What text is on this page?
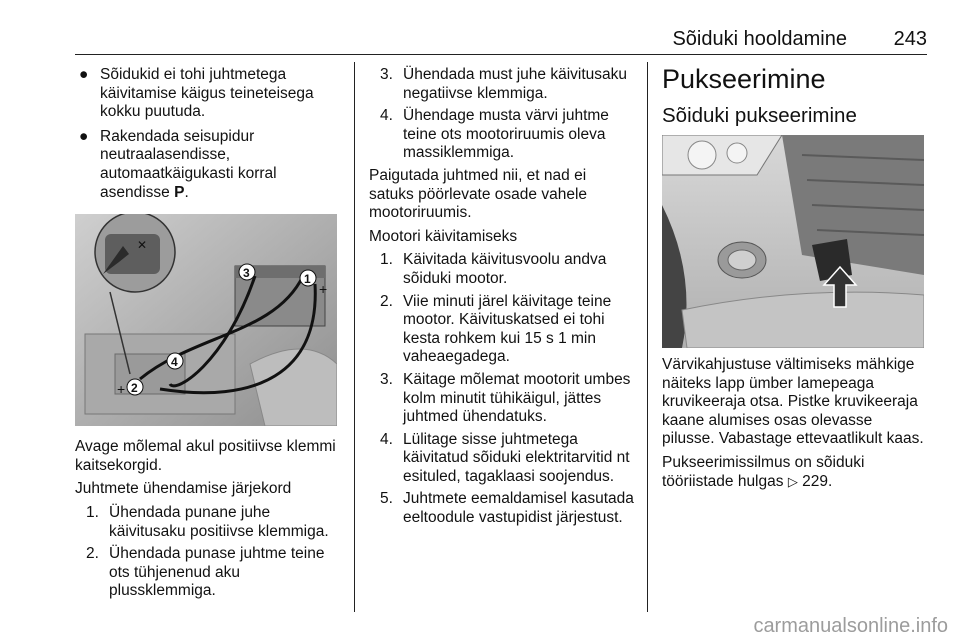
Sõiduki hooldamine 243
● Sõidukid ei tohi juhtmetega käivitamise käigus teineteisega kokku puutuda.
● Rakendada seisupidur neutraalasendisse, automaatkäigukasti korral asendisse P.
✕
1
2
3
4
+
+
Avage mõlemal akul positiivse klemmi kaitsekorgid.
Juhtmete ühendamise järjekord
1. Ühendada punane juhe käivitusaku positiivse klemmiga.
2. Ühendada punase juhtme teine ots tühjenenud aku plussklemmiga.
3. Ühendada must juhe käivitusaku negatiivse klemmiga.
4. Ühendage musta värvi juhtme teine ots mootoriruumis oleva massiklemmiga.
Paigutada juhtmed nii, et nad ei satuks pöörlevate osade vahele mootoriruumis.
Mootori käivitamiseks
1. Käivitada käivitusvoolu andva sõiduki mootor.
2. Viie minuti järel käivitage teine mootor. Käivituskatsed ei tohi kesta rohkem kui 15 s 1 min vaheaegadega.
3. Käitage mõlemat mootorit umbes kolm minutit tühikäigul, jättes juhtmed ühendatuks.
4. Lülitage sisse juhtmetega käivitatud sõiduki elektritarvitid nt esituled, tagaklaasi soojendus.
5. Juhtmete eemaldamisel kasutada eeltoodule vastupidist järjestust.
Pukseerimine
Sõiduki pukseerimine
Värvikahjustuse vältimiseks mähkige näiteks lapp ümber lamepeaga kruvikeeraja otsa. Pistke kruvikeeraja kaane alumises osas olevasse pilusse. Vabastage ettevaatlikult kaas.
Pukseerimissilmus on sõiduki tööriistade hulgas ▷ 229.
carmanualsonline.info
